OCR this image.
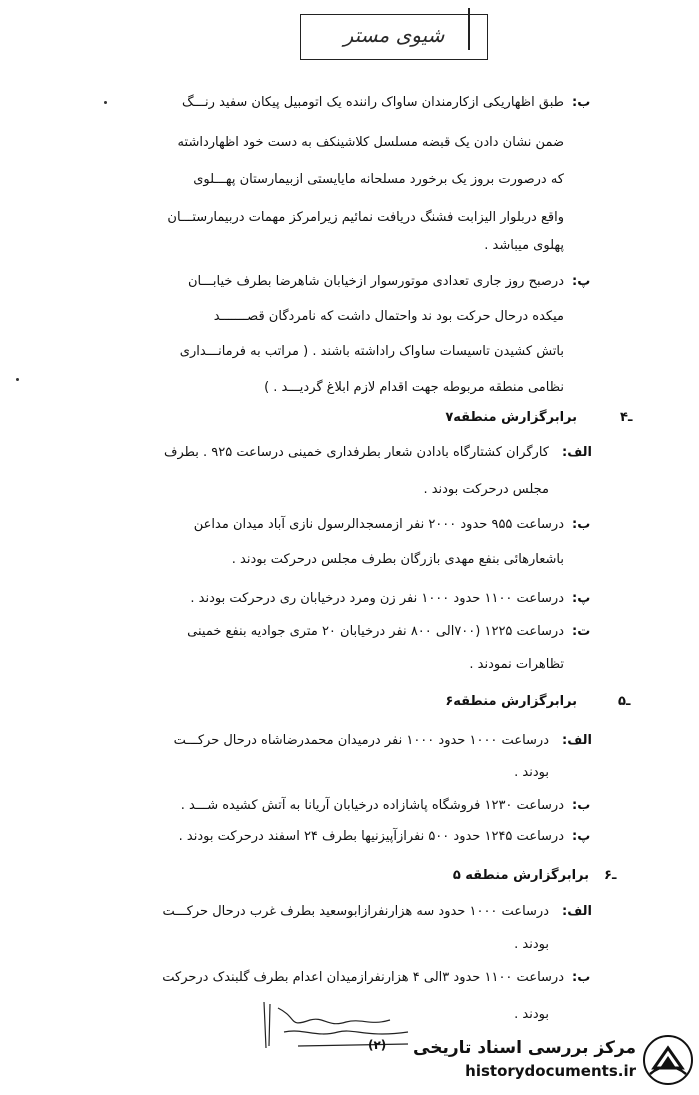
شیوی مستر
ب:
پ:
۴ـ
الف:
ب:
پ:
ت:
ـ۵
الف:
ب:
پ:
۶ـ
الف:
ب:
طبق اظهاریکی ازکارمندان ساواک راننده یک اتومبیل پیکان سفید رنـــگ
ضمن نشان دادن یک قبضه مسلسل کلاشینکف به دست خود اظهارداشته
که درصورت بروز یک برخورد مسلحانه مایایستی ازبیمارستان پهـــلوی
واقع دربلوار الیزابت فشنگ دریافت نمائیم زیرامرکز مهمات دربیمارستـــان
پهلوی میباشد .
درصبح روز جاری تعدادی موتورسوار ازخیابان شاهرضا بطرف خیابـــان
میکده درحال حرکت بود ند واحتمال داشت که نامردگان قصـــــــد
باتش کشیدن تاسیسات ساواک راداشته باشند . ( مراتب به فرمانـــداری
نظامی منطقه مربوطه جهت اقدام لازم ابلاغ گردیـــد . )
برابرگزارش منطقه۷
کارگران کشتارگاه بادادن شعار بطرفداری خمینی درساعت ۹۲۵ . بطرف
مجلس درحرکت بودند .
درساعت ۹۵۵ حدود ۲۰۰۰ نفر ازمسجدالرسول نازی آباد میدان مداعن
باشعارهائی بنفع مهدی بازرگان بطرف مجلس درحرکت بودند .
درساعت ۱۱۰۰ حدود ۱۰۰۰ نفر زن ومرد درخیابان ری درحرکت بودند .
درساعت ۱۲۲۵ (۷۰۰الی ۸۰۰ نفر درخیابان ۲۰ متری جوادیه بنفع خمینی
تظاهرات نمودند .
برابرگزارش منطقه۶
درساعت ۱۰۰۰ حدود ۱۰۰۰ نفر درمیدان محمدرضاشاه درحال حرکـــت
بودند .
درساعت ۱۲۳۰ فروشگاه پاشازاده درخیابان آریانا به آتش کشیده شـــد .
درساعت ۱۲۴۵ حدود ۵۰۰ نفرازآپیزنیها بطرف ۲۴ اسفند درحرکت بودند .
برابرگزارش منطقه ۵
درساعت ۱۰۰۰ حدود سه هزارنفرازابوسعید بطرف غرب درحال حرکـــت
بودند .
درساعت ۱۱۰۰ حدود ۳الی ۴ هزارنفرازمیدان اعدام بطرف گلبندک درحرکت
بودند .
(۲) مرکز بررسی اسناد تاریخی
historydocuments.ir
